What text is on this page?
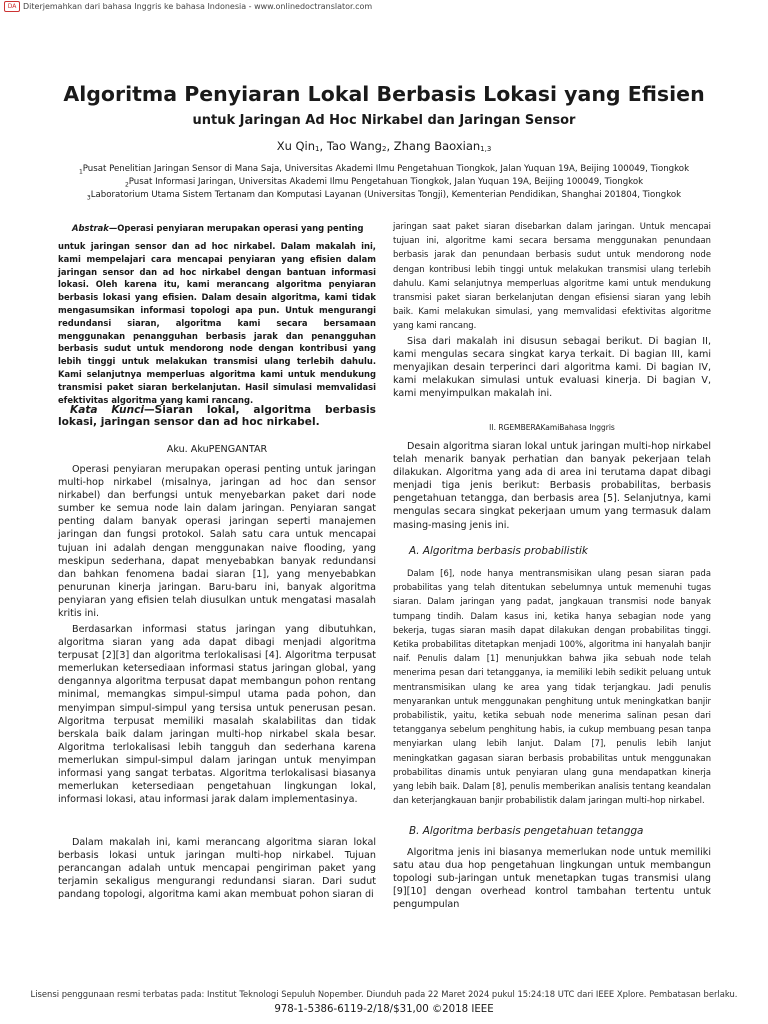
DA Diterjemahkan dari bahasa Inggris ke bahasa Indonesia - www.onlinedoctranslator.com
Algoritma Penyiaran Lokal Berbasis Lokasi yang Efisien
untuk Jaringan Ad Hoc Nirkabel dan Jaringan Sensor
Xu Qin$_1$, Tao Wang$_2$, Zhang Baoxian$_{1,3}$
$_1$Pusat Penelitian Jaringan Sensor di Mana Saja, Universitas Akademi Ilmu Pengetahuan Tiongkok, Jalan Yuquan 19A, Beijing 100049, Tiongkok
$_2$Pusat Informasi Jaringan, Universitas Akademi Ilmu Pengetahuan Tiongkok, Jalan Yuquan 19A, Beijing 100049, Tiongkok
$_3$Laboratorium Utama Sistem Tertanam dan Komputasi Layanan (Universitas Tongji), Kementerian Pendidikan, Shanghai 201804, Tiongkok
Abstrak—Operasi penyiaran merupakan operasi yang penting
untuk jaringan sensor dan ad hoc nirkabel. Dalam makalah ini, kami mempelajari cara mencapai penyiaran yang efisien dalam jaringan sensor dan ad hoc nirkabel dengan bantuan informasi lokasi. Oleh karena itu, kami merancang algoritma penyiaran berbasis lokasi yang efisien. Dalam desain algoritma, kami tidak mengasumsikan informasi topologi apa pun. Untuk mengurangi redundansi siaran, algoritma kami secara bersamaan menggunakan penangguhan berbasis jarak dan penangguhan berbasis sudut untuk mendorong node dengan kontribusi yang lebih tinggi untuk melakukan transmisi ulang terlebih dahulu. Kami selanjutnya memperluas algoritma kami untuk mendukung transmisi paket siaran berkelanjutan. Hasil simulasi memvalidasi efektivitas algoritma yang kami rancang.
Kata Kunci—Siaran lokal, algoritma berbasis lokasi, jaringan sensor dan ad hoc nirkabel.
Aku. AkuPENGANTAR

Operasi penyiaran merupakan operasi penting untuk jaringan multi-hop nirkabel (misalnya, jaringan ad hoc dan sensor nirkabel) dan berfungsi untuk menyebarkan paket dari node sumber ke semua node lain dalam jaringan. Penyiaran sangat penting dalam banyak operasi jaringan seperti manajemen jaringan dan fungsi protokol. Salah satu cara untuk mencapai tujuan ini adalah dengan menggunakan naive flooding, yang meskipun sederhana, dapat menyebabkan banyak redundansi dan bahkan fenomena badai siaran [1], yang menyebabkan penurunan kinerja jaringan. Baru-baru ini, banyak algoritma penyiaran yang efisien telah diusulkan untuk mengatasi masalah kritis ini.

Berdasarkan informasi status jaringan yang dibutuhkan, algoritma siaran yang ada dapat dibagi menjadi algoritma terpusat [2][3] dan algoritma terlokalisasi [4]. Algoritma terpusat memerlukan ketersediaan informasi status jaringan global, yang dengannya algoritma terpusat dapat membangun pohon rentang minimal, memangkas simpul-simpul utama pada pohon, dan menyimpan simpul-simpul yang tersisa untuk penerusan pesan. Algoritma terpusat memiliki masalah skalabilitas dan tidak berskala baik dalam jaringan multi-hop nirkabel skala besar. Algoritma terlokalisasi lebih tangguh dan sederhana karena memerlukan simpul-simpul dalam jaringan untuk menyimpan informasi yang sangat terbatas. Algoritma terlokalisasi biasanya memerlukan ketersediaan pengetahuan lingkungan lokal, informasi lokasi, atau informasi jarak dalam implementasinya.

Dalam makalah ini, kami merancang algoritma siaran lokal berbasis lokasi untuk jaringan multi-hop nirkabel. Tujuan perancangan adalah untuk mencapai pengiriman paket yang terjamin sekaligus mengurangi redundansi siaran. Dari sudut pandang topologi, algoritma kami akan membuat pohon siaran di

jaringan saat paket siaran disebarkan dalam jaringan. Untuk mencapai tujuan ini, algoritme kami secara bersama menggunakan penundaan berbasis jarak dan penundaan berbasis sudut untuk mendorong node dengan kontribusi lebih tinggi untuk melakukan transmisi ulang terlebih dahulu. Kami selanjutnya memperluas algoritme kami untuk mendukung transmisi paket siaran berkelanjutan dengan efisiensi siaran yang lebih baik. Kami melakukan simulasi, yang memvalidasi efektivitas algoritme yang kami rancang.

Sisa dari makalah ini disusun sebagai berikut. Di bagian II, kami mengulas secara singkat karya terkait. Di bagian III, kami menyajikan desain terperinci dari algoritma kami. Di bagian IV, kami melakukan simulasi untuk evaluasi kinerja. Di bagian V, kami menyimpulkan makalah ini.

II. RGEMBERAKamiBahasa Inggris

Desain algoritma siaran lokal untuk jaringan multi-hop nirkabel telah menarik banyak perhatian dan banyak pekerjaan telah dilakukan. Algoritma yang ada di area ini terutama dapat dibagi menjadi tiga jenis berikut: Berbasis probabilitas, berbasis pengetahuan tetangga, dan berbasis area [5]. Selanjutnya, kami mengulas secara singkat pekerjaan umum yang termasuk dalam masing-masing jenis ini.

A. Algoritma berbasis probabilistik

Dalam [6], node hanya mentransmisikan ulang pesan siaran pada probabilitas yang telah ditentukan sebelumnya untuk memenuhi tugas siaran. Dalam jaringan yang padat, jangkauan transmisi node banyak tumpang tindih. Dalam kasus ini, ketika hanya sebagian node yang bekerja, tugas siaran masih dapat dilakukan dengan probabilitas tinggi. Ketika probabilitas ditetapkan menjadi 100%, algoritma ini hanyalah banjir naif. Penulis dalam [1] menunjukkan bahwa jika sebuah node telah menerima pesan dari tetangganya, ia memiliki lebih sedikit peluang untuk mentransmisikan ulang ke area yang tidak terjangkau. Jadi penulis menyarankan untuk menggunakan penghitung untuk meningkatkan banjir probabilistik, yaitu, ketika sebuah node menerima salinan pesan dari tetangganya sebelum penghitung habis, ia cukup membuang pesan tanpa menyiarkan ulang lebih lanjut. Dalam [7], penulis lebih lanjut meningkatkan gagasan siaran berbasis probabilitas untuk menggunakan probabilitas dinamis untuk penyiaran ulang guna mendapatkan kinerja yang lebih baik. Dalam [8], penulis memberikan analisis tentang keandalan dan keterjangkauan banjir probabilistik dalam jaringan multi-hop nirkabel.

B. Algoritma berbasis pengetahuan tetangga

Algoritma jenis ini biasanya memerlukan node untuk memiliki satu atau dua hop pengetahuan lingkungan untuk membangun topologi sub-jaringan untuk menetapkan tugas transmisi ulang [9][10] dengan overhead kontrol tambahan tertentu untuk pengumpulan

Lisensi penggunaan resmi terbatas pada: Institut Teknologi Sepuluh Nopember. Diunduh pada 22 Maret 2024 pukul 15:24:18 UTC dari IEEE Xplore. Pembatasan berlaku.
978-1-5386-6119-2/18/$31,00 ©2018 IEEE
